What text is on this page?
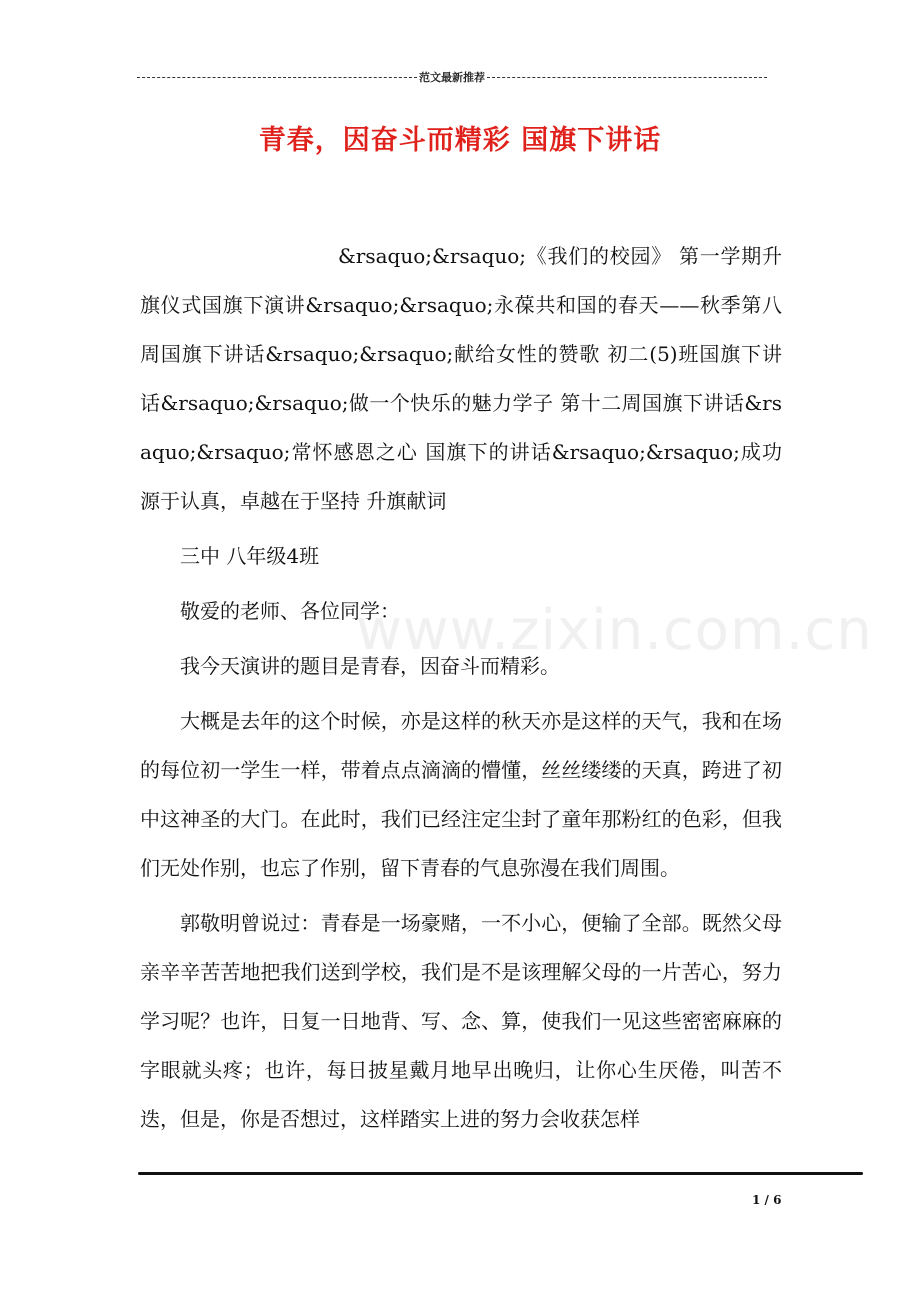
范文最新推荐
青春，因奋斗而精彩 国旗下讲话
www.zixin.com.cn

&rsaquo;&rsaquo;《我们的校园》 第一学期升旗仪式国旗下演讲&rsaquo;&rsaquo;永葆共和国的春天——秋季第八周国旗下讲话&rsaquo;&rsaquo;献给女性的赞歌 初二(5)班国旗下讲话&rsaquo;&rsaquo;做一个快乐的魅力学子 第十二周国旗下讲话&rsaquo;&rsaquo;常怀感恩之心 国旗下的讲话&rsaquo;&rsaquo;成功源于认真，卓越在于坚持 升旗献词

三中 八年级4班

敬爱的老师、各位同学：

我今天演讲的题目是青春，因奋斗而精彩。

大概是去年的这个时候，亦是这样的秋天亦是这样的天气，我和在场的每位初一学生一样，带着点点滴滴的懵懂，丝丝缕缕的天真，跨进了初中这神圣的大门。在此时，我们已经注定尘封了童年那粉红的色彩，但我们无处作别，也忘了作别，留下青春的气息弥漫在我们周围。

郭敬明曾说过：青春是一场豪赌，一不小心，便输了全部。既然父母亲辛辛苦苦地把我们送到学校，我们是不是该理解父母的一片苦心，努力学习呢？也许，日复一日地背、写、念、算，使我们一见这些密密麻麻的字眼就头疼；也许，每日披星戴月地早出晚归，让你心生厌倦，叫苦不迭，但是，你是否想过，这样踏实上进的努力会收获怎样

1 / 6
